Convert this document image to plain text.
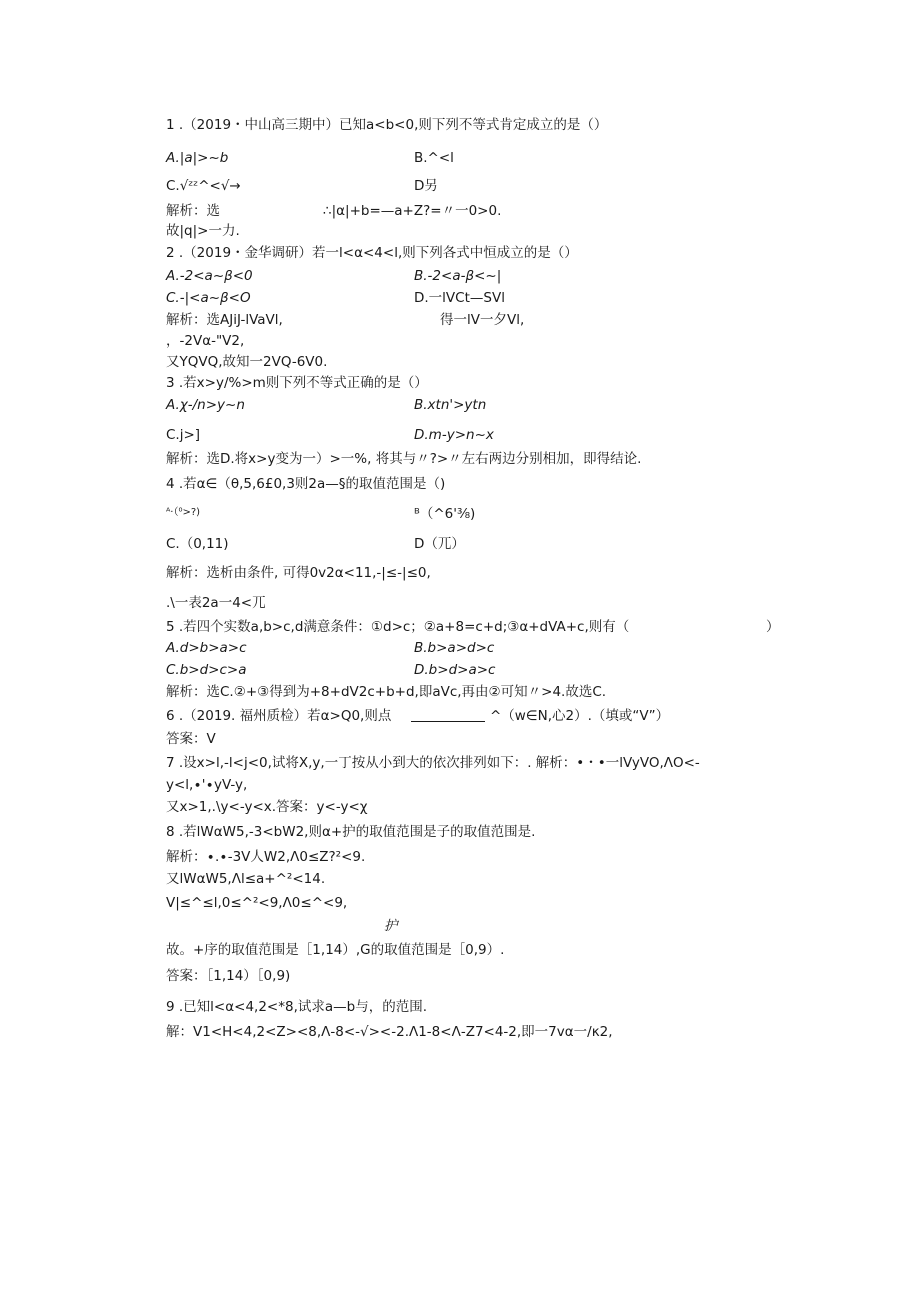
1 .（2019・中山高三期中）已知a<b<0,则下列不等式肯定成立的是（）
A.|a|>~b	B.^<l
C.√ᶻᶻ^<√→	D另
解析：选	∴|α|+b=—a+Z?=〃一0>0.
故|q|>一力.
2 .（2019・金华调研）若一l<α<4<l,则下列各式中恒成立的是（）
A.-2<a~β<0	B.-2<a-β<~|
C.-|<a~β<O	D.一lVCt—SVl
解析：选AJiJ-lVaVl,	得一lV一夕Vl,
，-2Vα-"V2,
又YQVQ,故知一2VQ-6V0.
3 .若x>y/%>m则下列不等式正确的是（）
A.χ-/n>y~n	B.xtn'>ytn
C.j>]	D.m-y>n~x
解析：选D.将x>y变为一）>一%, 将其与〃?>〃左右两边分别相加，即得结论.
4 .若α∈（θ,5,6£0,3则2a—§的取值范围是（)
ᴬ·（⁰>?)	ᴮ（^6'⅜)
C.（0,11)	D（兀）
解析：选析由条件, 可得0v2α<11,-|≤-|≤0,
.\一表2a一4<兀
5 .若四个实数a,b>c,d满意条件：①d>c；②a+8=c+d;③α+dVA+c,则有（	）
A.d>b>a>c	B.b>a>d>c
C.b>d>c>a	D.b>d>a>c
解析：选C.②+③得到为+8+dV2c+b+d,即aVc,再由②可知〃>4.故选C.
6 .（2019. 福州质检）若α>Q0,则点	^（w∈N,心2）.（填或“V”）
答案：V
7 .设x>l,-l<j<0,试将X,y,一丁按从小到大的依次排列如下：. 解析：•・•一lVyVO,ΛO<-
y<l,∙'∙yV-y,
又x>1,.\y<-y<x.答案：y<-y<χ
8 .若lWαW5,-3<bW2,则α+护的取值范围是子的取值范围是.
解析：∙.∙-3V人W2,Λ0≤Z?²<9.
又lWαW5,Λl≤a+^²<14.
V|≤^≤l,0≤^²<9,Λ0≤^<9,
护
故。+序的取值范围是［1,14）,G的取值范围是［0,9）.
答案：［1,14）［0,9)
9 .已知l<α<4,2<*8,试求a—b与，的范围.
解：V1<H<4,2<Z><8,Λ-8<-√><-2.Λ1-8<Λ-Z7<4-2,即一7vα一/κ2,
